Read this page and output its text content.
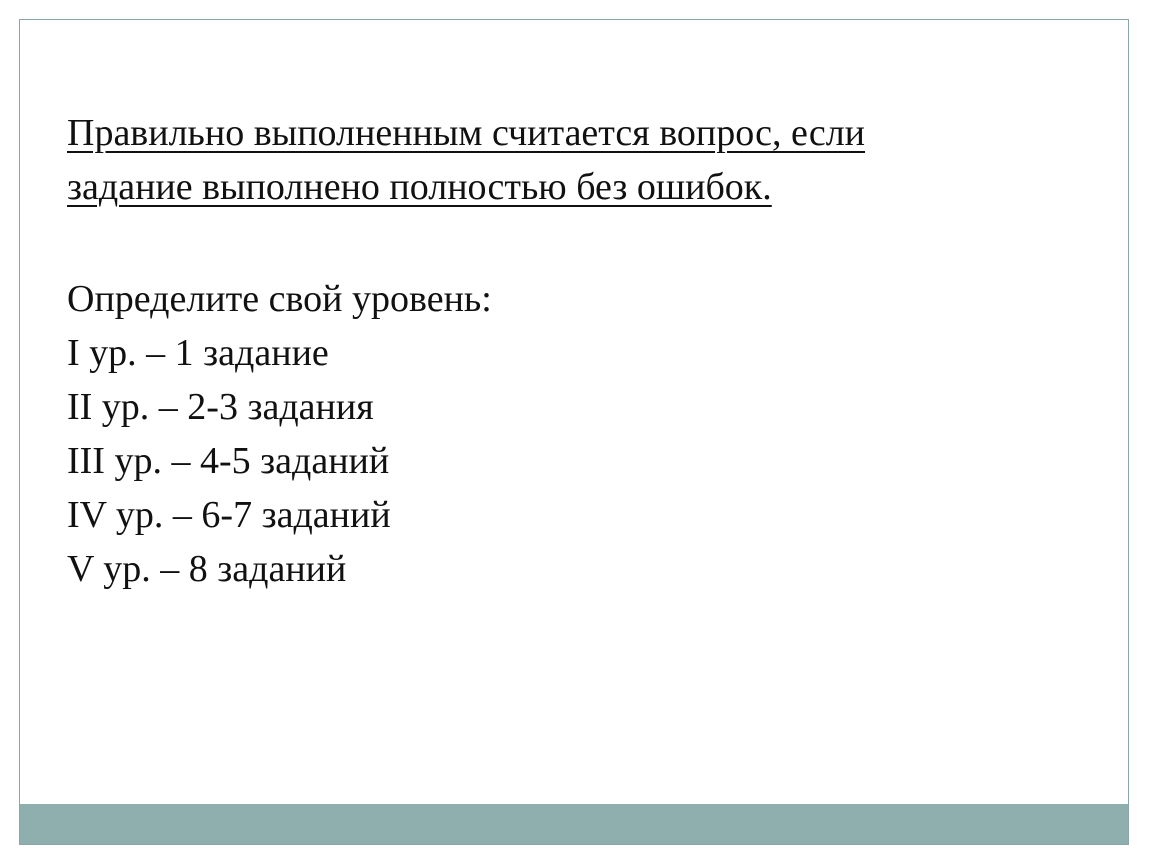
Правильно выполненным считается вопрос, если
задание выполнено полностью без ошибок.
Определите свой уровень:
I ур. – 1 задание
II ур. – 2-3 задания
III ур. – 4-5 заданий
IV ур. – 6-7 заданий
V ур. – 8 заданий
